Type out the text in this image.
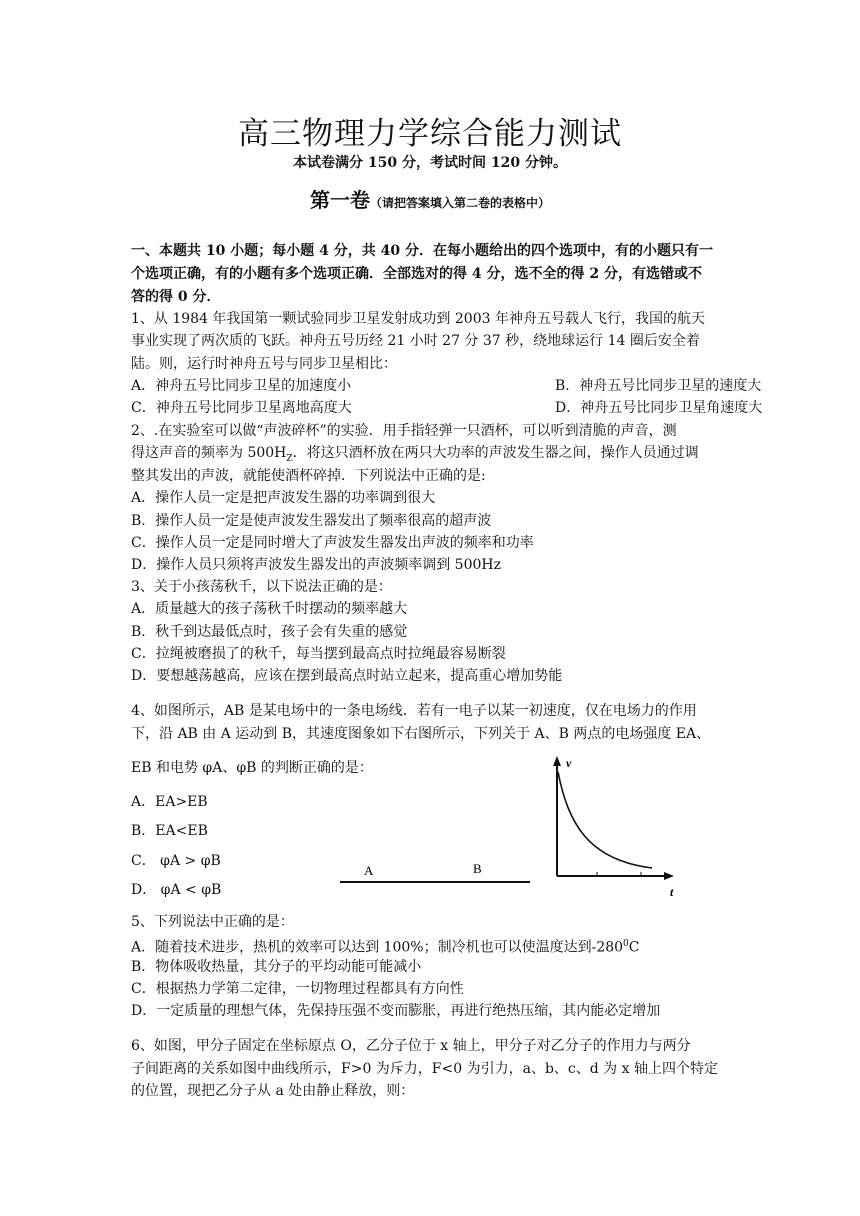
高三物理力学综合能力测试
本试卷满分 150 分，考试时间 120 分钟。
第一卷（请把答案填入第二卷的表格中）
一、本题共 10 小题；每小题 4 分，共 40 分．在每小题给出的四个选项中，有的小题只有一
个选项正确，有的小题有多个选项正确．全部选对的得 4 分，选不全的得 2 分，有选错或不
答的得 0 分．
1、从 1984 年我国第一颗试验同步卫星发射成功到 2003 年神舟五号载人飞行，我国的航天
事业实现了两次质的飞跃。神舟五号历经 21 小时 27 分 37 秒，绕地球运行 14 圈后安全着
陆。则，运行时神舟五号与同步卫星相比：
A．神舟五号比同步卫星的加速度小	B．神舟五号比同步卫星的速度大
C．神舟五号比同步卫星离地高度大	D．神舟五号比同步卫星角速度大
2、.在实验室可以做“声波碎杯”的实验．用手指轻弹一只酒杯，可以听到清脆的声音，测
得这声音的频率为 $500H_Z$．将这只酒杯放在两只大功率的声波发生器之间，操作人员通过调
整其发出的声波，就能使酒杯碎掉．下列说法中正确的是:
A．操作人员一定是把声波发生器的功率调到很大
B．操作人员一定是使声波发生器发出了频率很高的超声波
C．操作人员一定是同时增大了声波发生器发出声波的频率和功率
D．操作人员只须将声波发生器发出的声波频率调到 500Hz
3、关于小孩荡秋千，以下说法正确的是：
A．质量越大的孩子荡秋千时摆动的频率越大
B．秋千到达最低点时，孩子会有失重的感觉
C．拉绳被磨损了的秋千，每当摆到最高点时拉绳最容易断裂
D．要想越荡越高，应该在摆到最高点时站立起来，提高重心增加势能
4、如图所示，AB 是某电场中的一条电场线．若有一电子以某一初速度，仅在电场力的作用
下，沿 AB 由 A 运动到 B，其速度图象如下右图所示，下列关于 A、B 两点的电场强度 EA、
EB 和电势 φA、φB 的判断正确的是：
A．EA>EB
B．EA<EB
C． φA > φB
D． φA < φB
A	B
v
t
5、下列说法中正确的是：
A．随着技术进步，热机的效率可以达到 100%；制冷机也可以使温度达到$-280^0C$
B．物体吸收热量，其分子的平均动能可能减小
C．根据热力学第二定律，一切物理过程都具有方向性
D．一定质量的理想气体，先保持压强不变而膨胀，再进行绝热压缩，其内能必定增加
6、如图，甲分子固定在坐标原点 O，乙分子位于 x 轴上，甲分子对乙分子的作用力与两分
子间距离的关系如图中曲线所示，F>0 为斥力，F<0 为引力，a、b、c、d 为 x 轴上四个特定
的位置，现把乙分子从 a 处由静止释放，则：
